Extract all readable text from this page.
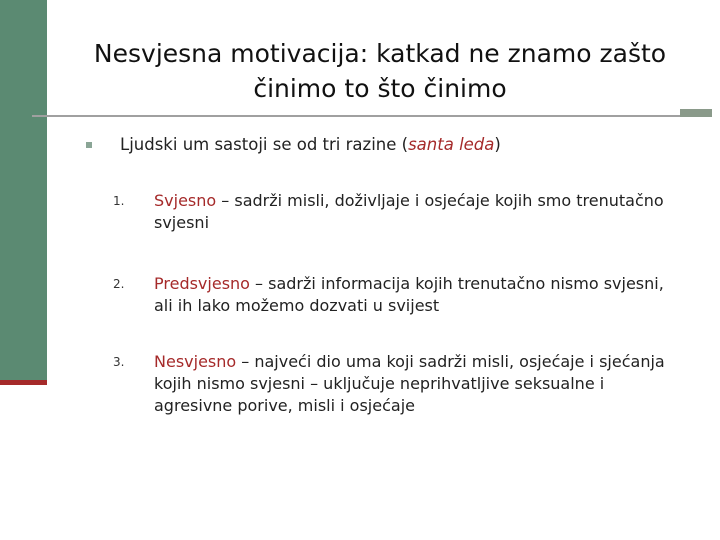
Nesvjesna motivacija: katkad ne znamo zašto
činimo to što činimo
Ljudski um sastoji se od tri razine (santa leda)
1. Svjesno – sadrži misli, doživljaje i osjećaje kojih smo trenutačno svjesni
2. Predsvjesno – sadrži informacija kojih trenutačno nismo svjesni, ali ih lako možemo dozvati u svijest
3. Nesvjesno – najveći dio uma koji sadrži misli, osjećaje i sjećanja kojih nismo svjesni – uključuje neprihvatljive seksualne i agresivne porive, misli i osjećaje
